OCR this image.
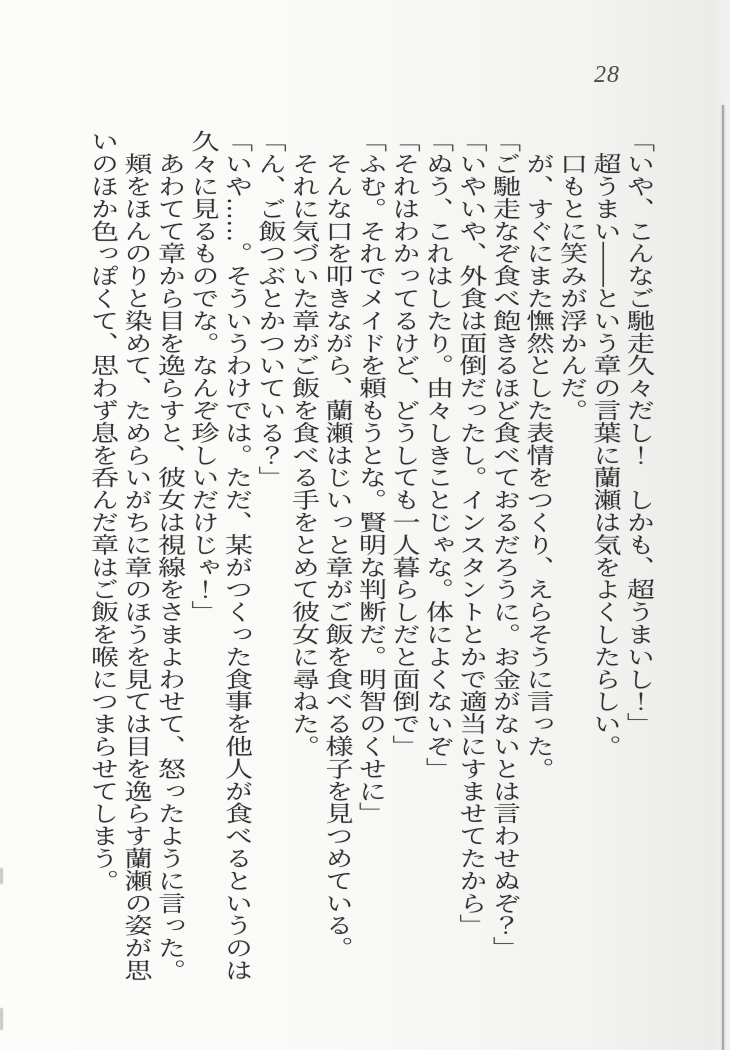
28
「いや、こんなご馳走久々だし！　しかも、超うまいし！」
　超うまい――という章の言葉に蘭瀬は気をよくしたらしい。
　口もとに笑みが浮かんだ。
　が、すぐにまた憮然とした表情をつくり、えらそうに言った。
「ご馳走なぞ食べ飽きるほど食べておるだろうに。お金がないとは言わせぬぞ？」
「いやいや、外食は面倒だったし。インスタントとかで適当にすませてたから」
「ぬう、これはしたり。由々しきことじゃな。体によくないぞ」
「それはわかってるけど、どうしても一人暮らしだと面倒で」
「ふむ。それでメイドを頼もうとな。賢明な判断だ。明智のくせに」
　そんな口を叩きながら、蘭瀬はじいっと章がご飯を食べる様子を見つめている。
　それに気づいた章がご飯を食べる手をとめて彼女に尋ねた。
「ん、ご飯つぶとかついている？」
「いや……。そういうわけでは。ただ、某がつくった食事を他人が食べるというのは
久々に見るものでな。なんぞ珍しいだけじゃ！」
　あわてて章から目を逸らすと、彼女は視線をさまよわせて、怒ったように言った。
　頬をほんのりと染めて、ためらいがちに章のほうを見ては目を逸らす蘭瀬の姿が思
いのほか色っぽくて、思わず息を呑んだ章はご飯を喉につまらせてしまう。
